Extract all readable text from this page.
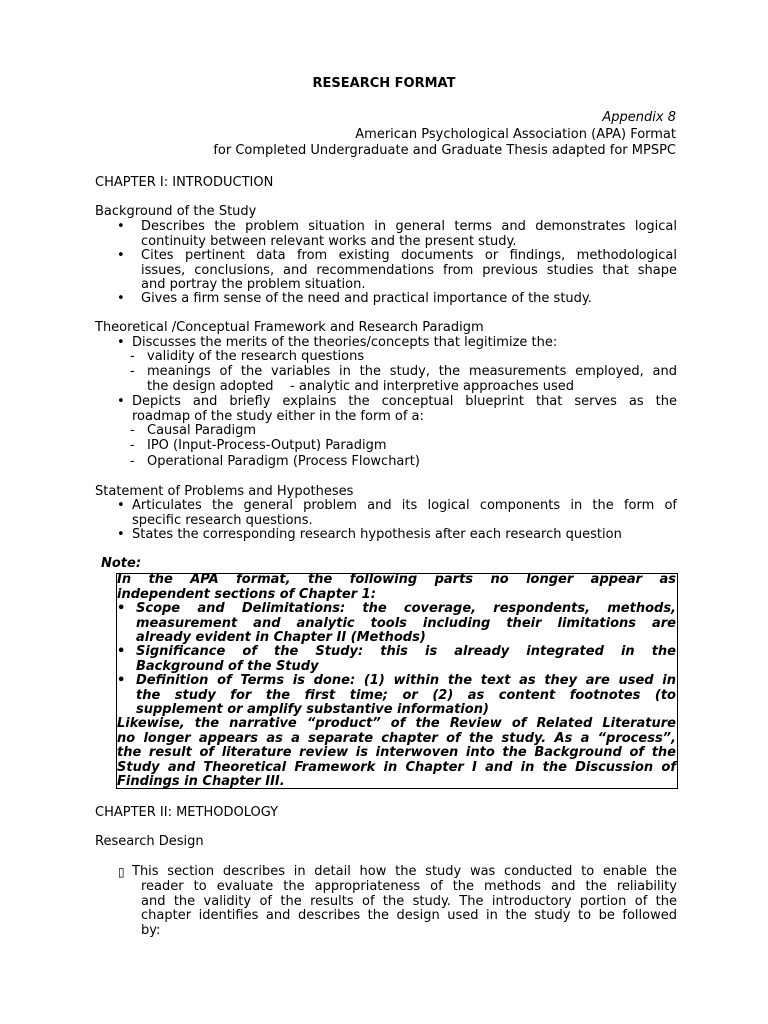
RESEARCH FORMAT
Appendix 8
American Psychological Association (APA) Format
for Completed Undergraduate and Graduate Thesis adapted for MPSPC
CHAPTER I: INTRODUCTION
Background of the Study
• Describes the problem situation in general terms and demonstrates logical
continuity between relevant works and the present study.
• Cites pertinent data from existing documents or findings, methodological
issues, conclusions, and recommendations from previous studies that shape
and portray the problem situation.
• Gives a firm sense of the need and practical importance of the study.
Theoretical /Conceptual Framework and Research Paradigm
• Discusses the merits of the theories/concepts that legitimize the:
- validity of the research questions
- meanings of the variables in the study, the measurements employed, and
the design adopted    - analytic and interpretive approaches used
• Depicts and briefly explains the conceptual blueprint that serves as the
roadmap of the study either in the form of a:
- Causal Paradigm
- IPO (Input-Process-Output) Paradigm
- Operational Paradigm (Process Flowchart)
Statement of Problems and Hypotheses
• Articulates the general problem and its logical components in the form of
specific research questions.
• States the corresponding research hypothesis after each research question
Note:
In the APA format, the following parts no longer appear as
independent sections of Chapter 1:
• Scope and Delimitations: the coverage, respondents, methods,
measurement and analytic tools including their limitations are
already evident in Chapter II (Methods)
• Significance of the Study: this is already integrated in the
Background of the Study
• Definition of Terms is done: (1) within the text as they are used in
the study for the first time; or (2) as content footnotes (to
supplement or amplify substantive information)
Likewise, the narrative “product” of the Review of Related Literature
no longer appears as a separate chapter of the study. As a “process”,
the result of literature review is interwoven into the Background of the
Study and Theoretical Framework in Chapter I and in the Discussion of
Findings in Chapter III.
CHAPTER II: METHODOLOGY
Research Design
▯ This section describes in detail how the study was conducted to enable the
reader to evaluate the appropriateness of the methods and the reliability
and the validity of the results of the study. The introductory portion of the
chapter identifies and describes the design used in the study to be followed
by:
